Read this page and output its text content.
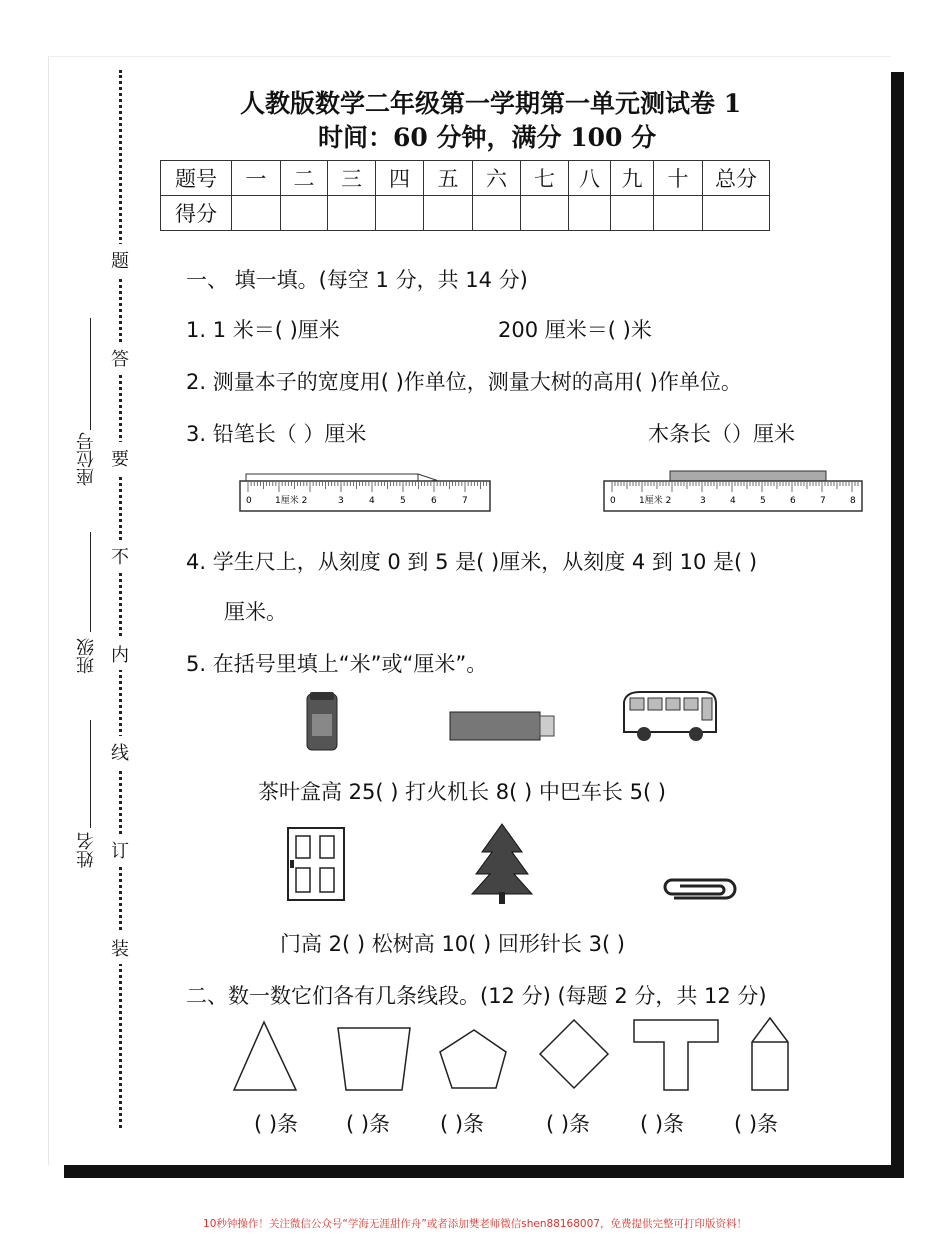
题
答
要
不
内
线
订
装
座位号
班级
姓名
人教版数学二年级第一学期第一单元测试卷 1
时间：60 分钟，满分 100 分
题号	一	二	三	四	五	六	七	八	九	十	总分
得分											
一、 填一填。(每空 1 分，共 14 分)
1. 1 米＝( )厘米	200 厘米＝( )米
2. 测量本子的宽度用( )作单位，测量大树的高用( )作单位。
3. 铅笔长（ ）厘米	木条长（）厘米
0	1厘米 2	3	4	5	6	7	0	1厘米 2	3	4	5	6	7	8
4. 学生尺上，从刻度 0 到 5 是( )厘米，从刻度 4 到 10 是( )
厘米。
5. 在括号里填上“米”或“厘米”。
茶叶盒高 25( ) 打火机长 8( ) 中巴车长 5( )
门高 2( ) 松树高 10( ) 回形针长 3( )
二、数一数它们各有几条线段。(12 分) (每题 2 分，共 12 分)
( )条 ( )条 ( )条	( )条 ( )条 ( )条
10秒钟操作！关注微信公众号“学海无涯甜作舟”或者添加樊老师微信shen88168007，免费提供完整可打印版资料！
